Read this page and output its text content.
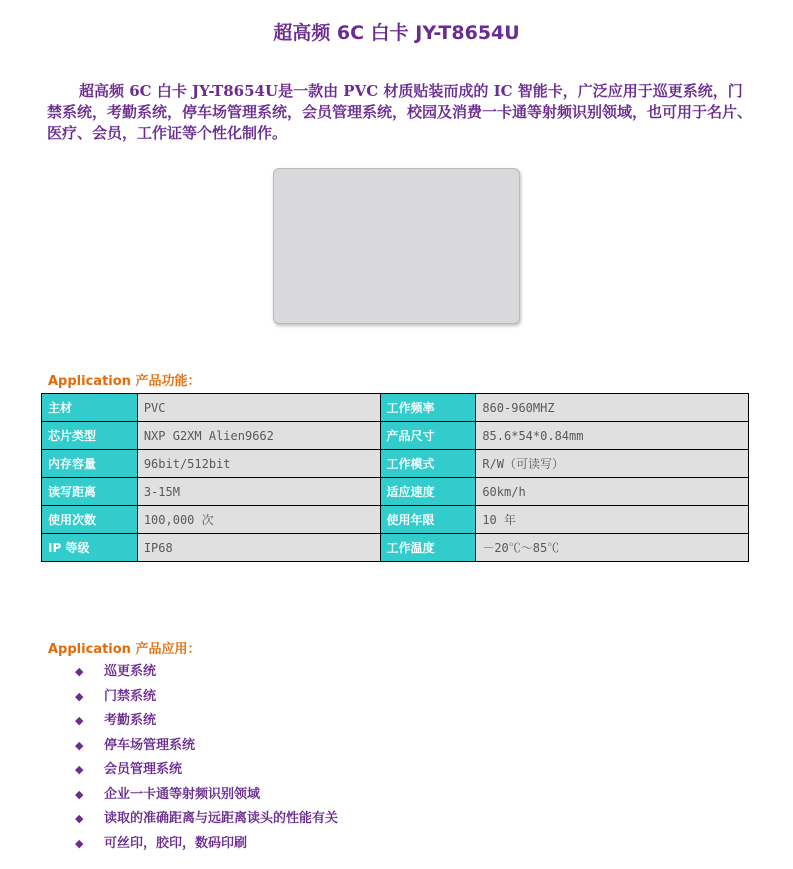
超高频 6C 白卡 JY-T8654U
超高频 6C 白卡 JY-T8654U是一款由 PVC 材质贴装而成的 IC 智能卡，广泛应用于巡更系统，门禁系统，考勤系统，停车场管理系统，会员管理系统，校园及消费一卡通等射频识别领域，也可用于名片、医疗、会员，工作证等个性化制作。
Application 产品功能：
主材	PVC	工作频率	860-960MHZ
芯片类型	NXP G2XM Alien9662	产品尺寸	85.6*54*0.84mm
内存容量	96bit/512bit	工作模式	R/W（可读写）
读写距离	3-15M	适应速度	60km/h
使用次数	100,000 次	使用年限	10 年
IP 等级	IP68	工作温度	－20℃～85℃
Application 产品应用：
◆	巡更系统
◆	门禁系统
◆	考勤系统
◆	停车场管理系统
◆	会员管理系统
◆	企业一卡通等射频识别领域
◆	读取的准确距离与远距离读头的性能有关
◆	可丝印，胶印，数码印刷
